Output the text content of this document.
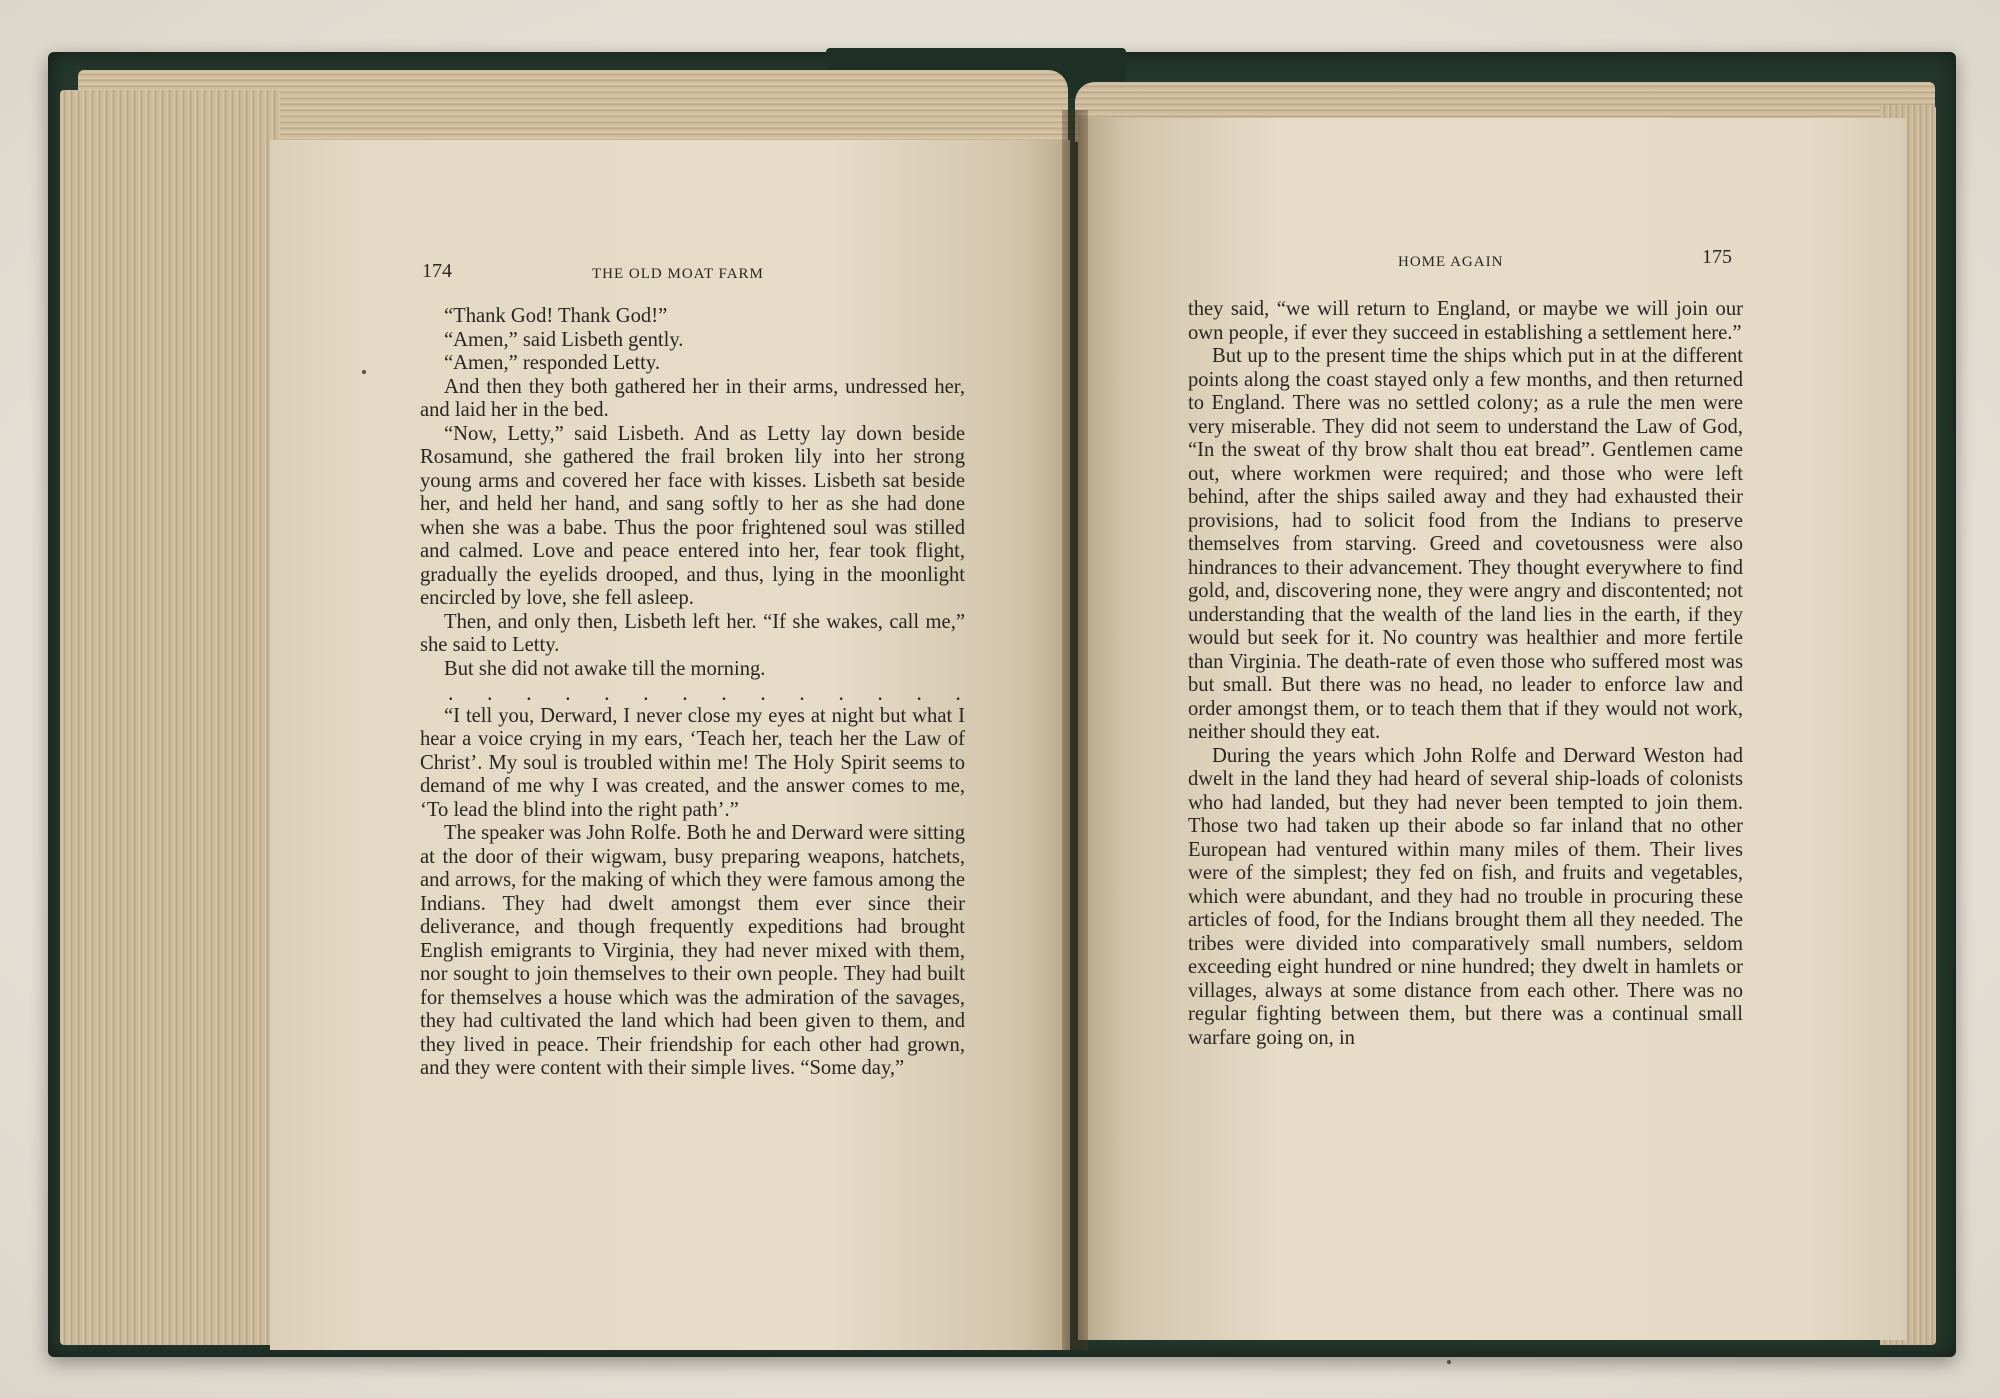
174	THE OLD MOAT FARM

“Thank God! Thank God!”

“Amen,” said Lisbeth gently.

“Amen,” responded Letty.

And then they both gathered her in their arms, undressed her, and laid her in the bed.

“Now, Letty,” said Lisbeth. And as Letty lay down beside Rosamund, she gathered the frail broken lily into her strong young arms and covered her face with kisses. Lisbeth sat beside her, and held her hand, and sang softly to her as she had done when she was a babe. Thus the poor frightened soul was stilled and calmed. Love and peace entered into her, fear took flight, gradually the eyelids drooped, and thus, lying in the moonlight encircled by love, she fell asleep.

Then, and only then, Lisbeth left her. “If she wakes, call me,” she said to Letty.

But she did not awake till the morning.

.	.	.	.	.	.	.	.	.	.	.	.	.	.

“I tell you, Derward, I never close my eyes at night but what I hear a voice crying in my ears, ‘Teach her, teach her the Law of Christ’. My soul is troubled within me! The Holy Spirit seems to demand of me why I was created, and the answer comes to me, ‘To lead the blind into the right path’.”

The speaker was John Rolfe. Both he and Derward were sitting at the door of their wigwam, busy preparing weapons, hatchets, and arrows, for the making of which they were famous among the Indians. They had dwelt amongst them ever since their deliverance, and though frequently expeditions had brought English emigrants to Virginia, they had never mixed with them, nor sought to join themselves to their own people. They had built for themselves a house which was the admiration of the savages, they had cultivated the land which had been given to them, and they lived in peace. Their friendship for each other had grown, and they were content with their simple lives. “Some day,”

HOME AGAIN	175

they said, “we will return to England, or maybe we will join our own people, if ever they succeed in establishing a settlement here.”

But up to the present time the ships which put in at the different points along the coast stayed only a few months, and then returned to England. There was no settled colony; as a rule the men were very miserable. They did not seem to understand the Law of God, “In the sweat of thy brow shalt thou eat bread”. Gentlemen came out, where workmen were required; and those who were left behind, after the ships sailed away and they had exhausted their provisions, had to solicit food from the Indians to preserve themselves from starving. Greed and covetousness were also hindrances to their advancement. They thought everywhere to find gold, and, discovering none, they were angry and discontented; not understanding that the wealth of the land lies in the earth, if they would but seek for it. No country was healthier and more fertile than Virginia. The death-rate of even those who suffered most was but small. But there was no head, no leader to enforce law and order amongst them, or to teach them that if they would not work, neither should they eat.

During the years which John Rolfe and Derward Weston had dwelt in the land they had heard of several ship-loads of colonists who had landed, but they had never been tempted to join them. Those two had taken up their abode so far inland that no other European had ventured within many miles of them. Their lives were of the simplest; they fed on fish, and fruits and vegetables, which were abundant, and they had no trouble in procuring these articles of food, for the Indians brought them all they needed. The tribes were divided into comparatively small numbers, seldom exceeding eight hundred or nine hundred; they dwelt in hamlets or villages, always at some distance from each other. There was no regular fighting between them, but there was a continual small warfare going on, in
